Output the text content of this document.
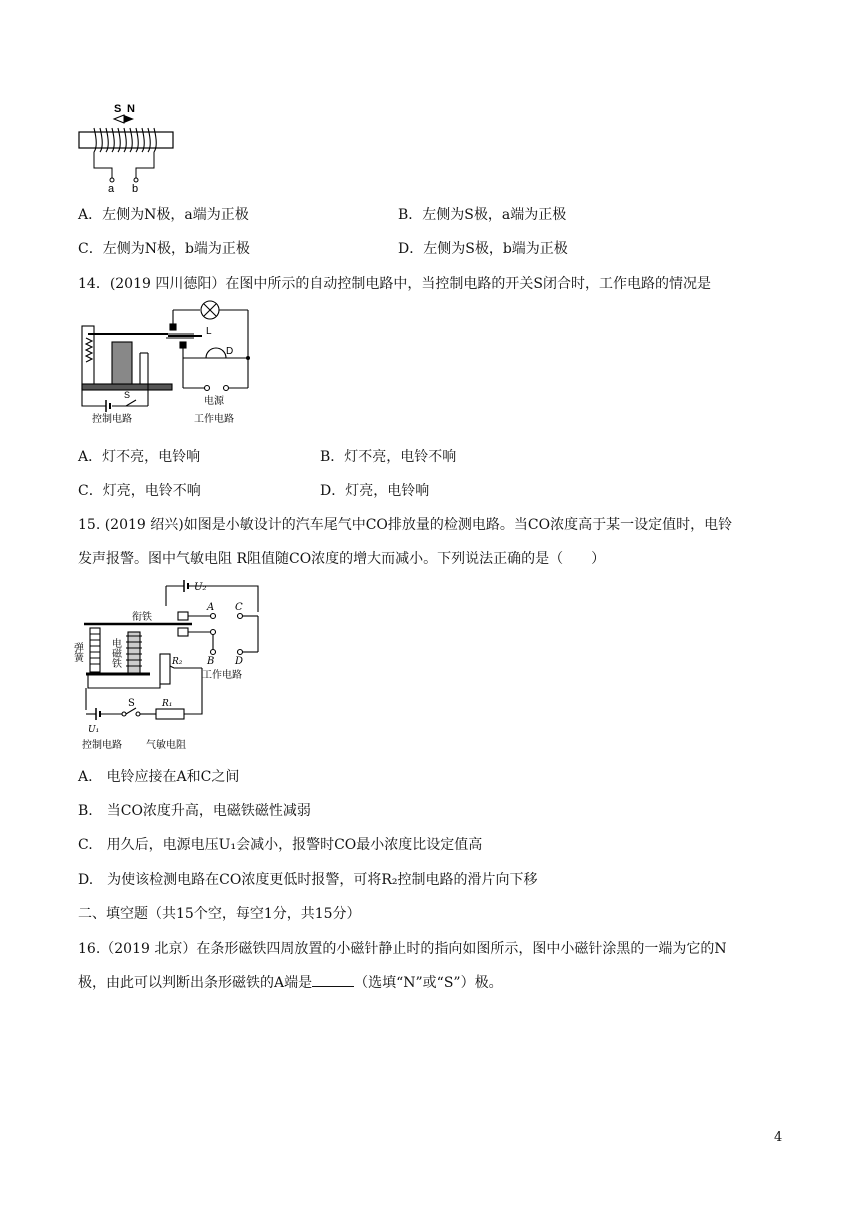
S N
a b
A．左侧为N极，a端为正极	B．左侧为S极，a端为正极
C．左侧为N极，b端为正极	D．左侧为S极，b端为正极
14．(2019 四川德阳）在图中所示的自动控制电路中，当控制电路的开关S闭合时，工作电路的情况是
L
D
S
电源
控制电路	工作电路
A．灯不亮，电铃响	B．灯不亮，电铃不响
C．灯亮，电铃不响	D．灯亮，电铃响
15. (2019 绍兴)如图是小敏设计的汽车尾气中CO排放量的检测电路。当CO浓度高于某一设定值时，电铃
发声报警。图中气敏电阻 R阻值随CO浓度的增大而减小。下列说法正确的是（　　）
U₂
A C
衔铁
弹簧	电磁铁	R₂ B D
工作电路
S	R₁
U₁
控制电路 气敏电阻
A.　电铃应接在A和C之间
B.　当CO浓度升高，电磁铁磁性减弱
C.　用久后，电源电压U₁会减小，报警时CO最小浓度比设定值高
D.　为使该检测电路在CO浓度更低时报警，可将R₂控制电路的滑片向下移
二、填空题（共15个空，每空1分，共15分）
16.（2019 北京）在条形磁铁四周放置的小磁针静止时的指向如图所示，图中小磁针涂黑的一端为它的N
极，由此可以判断出条形磁铁的A端是	（选填“N”或“S”）极。
4
